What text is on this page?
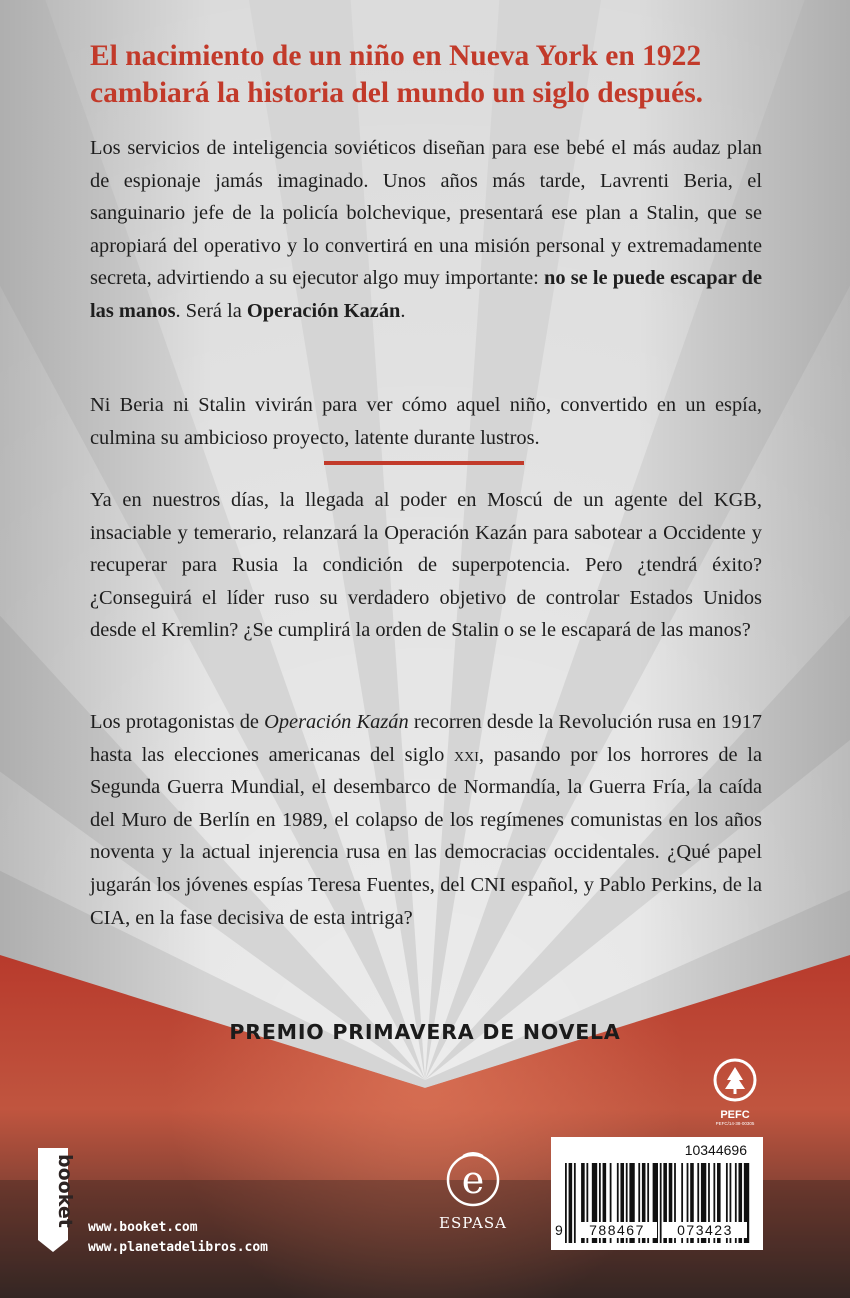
El nacimiento de un niño en Nueva York en 1922
cambiará la historia del mundo un siglo después.
Los servicios de inteligencia soviéticos diseñan para ese bebé el más audaz plan de espionaje jamás imaginado. Unos años más tarde, Lavrenti Beria, el sanguinario jefe de la policía bolchevique, presentará ese plan a Stalin, que se apropiará del operativo y lo convertirá en una misión personal y extremadamente secreta, advirtiendo a su ejecutor algo muy importante: no se le puede escapar de las manos. Será la Operación Kazán.
Ni Beria ni Stalin vivirán para ver cómo aquel niño, convertido en un espía, culmina su ambicioso proyecto, latente durante lustros.
Ya en nuestros días, la llegada al poder en Moscú de un agente del KGB, insaciable y temerario, relanzará la Operación Kazán para sabotear a Occidente y recuperar para Rusia la condición de superpotencia. Pero ¿tendrá éxito? ¿Conseguirá el líder ruso su verdadero objetivo de controlar Estados Unidos desde el Kremlin? ¿Se cumplirá la orden de Stalin o se le escapará de las manos?
Los protagonistas de Operación Kazán recorren desde la Revolución rusa en 1917 hasta las elecciones americanas del siglo xxi, pasando por los horrores de la Segunda Guerra Mundial, el desembarco de Normandía, la Guerra Fría, la caída del Muro de Berlín en 1989, el colapso de los regímenes comunistas en los años noventa y la actual injerencia rusa en las democracias occidentales. ¿Qué papel jugarán los jóvenes espías Teresa Fuentes, del CNI español, y Pablo Perkins, de la CIA, en la fase decisiva de esta intriga?
PREMIO PRIMAVERA DE NOVELA
PEFC
PEFC/14-38-00305
booket www.booket.com
www.planetadelibros.com
e
ESPASA
10344696
9	788467	073423
